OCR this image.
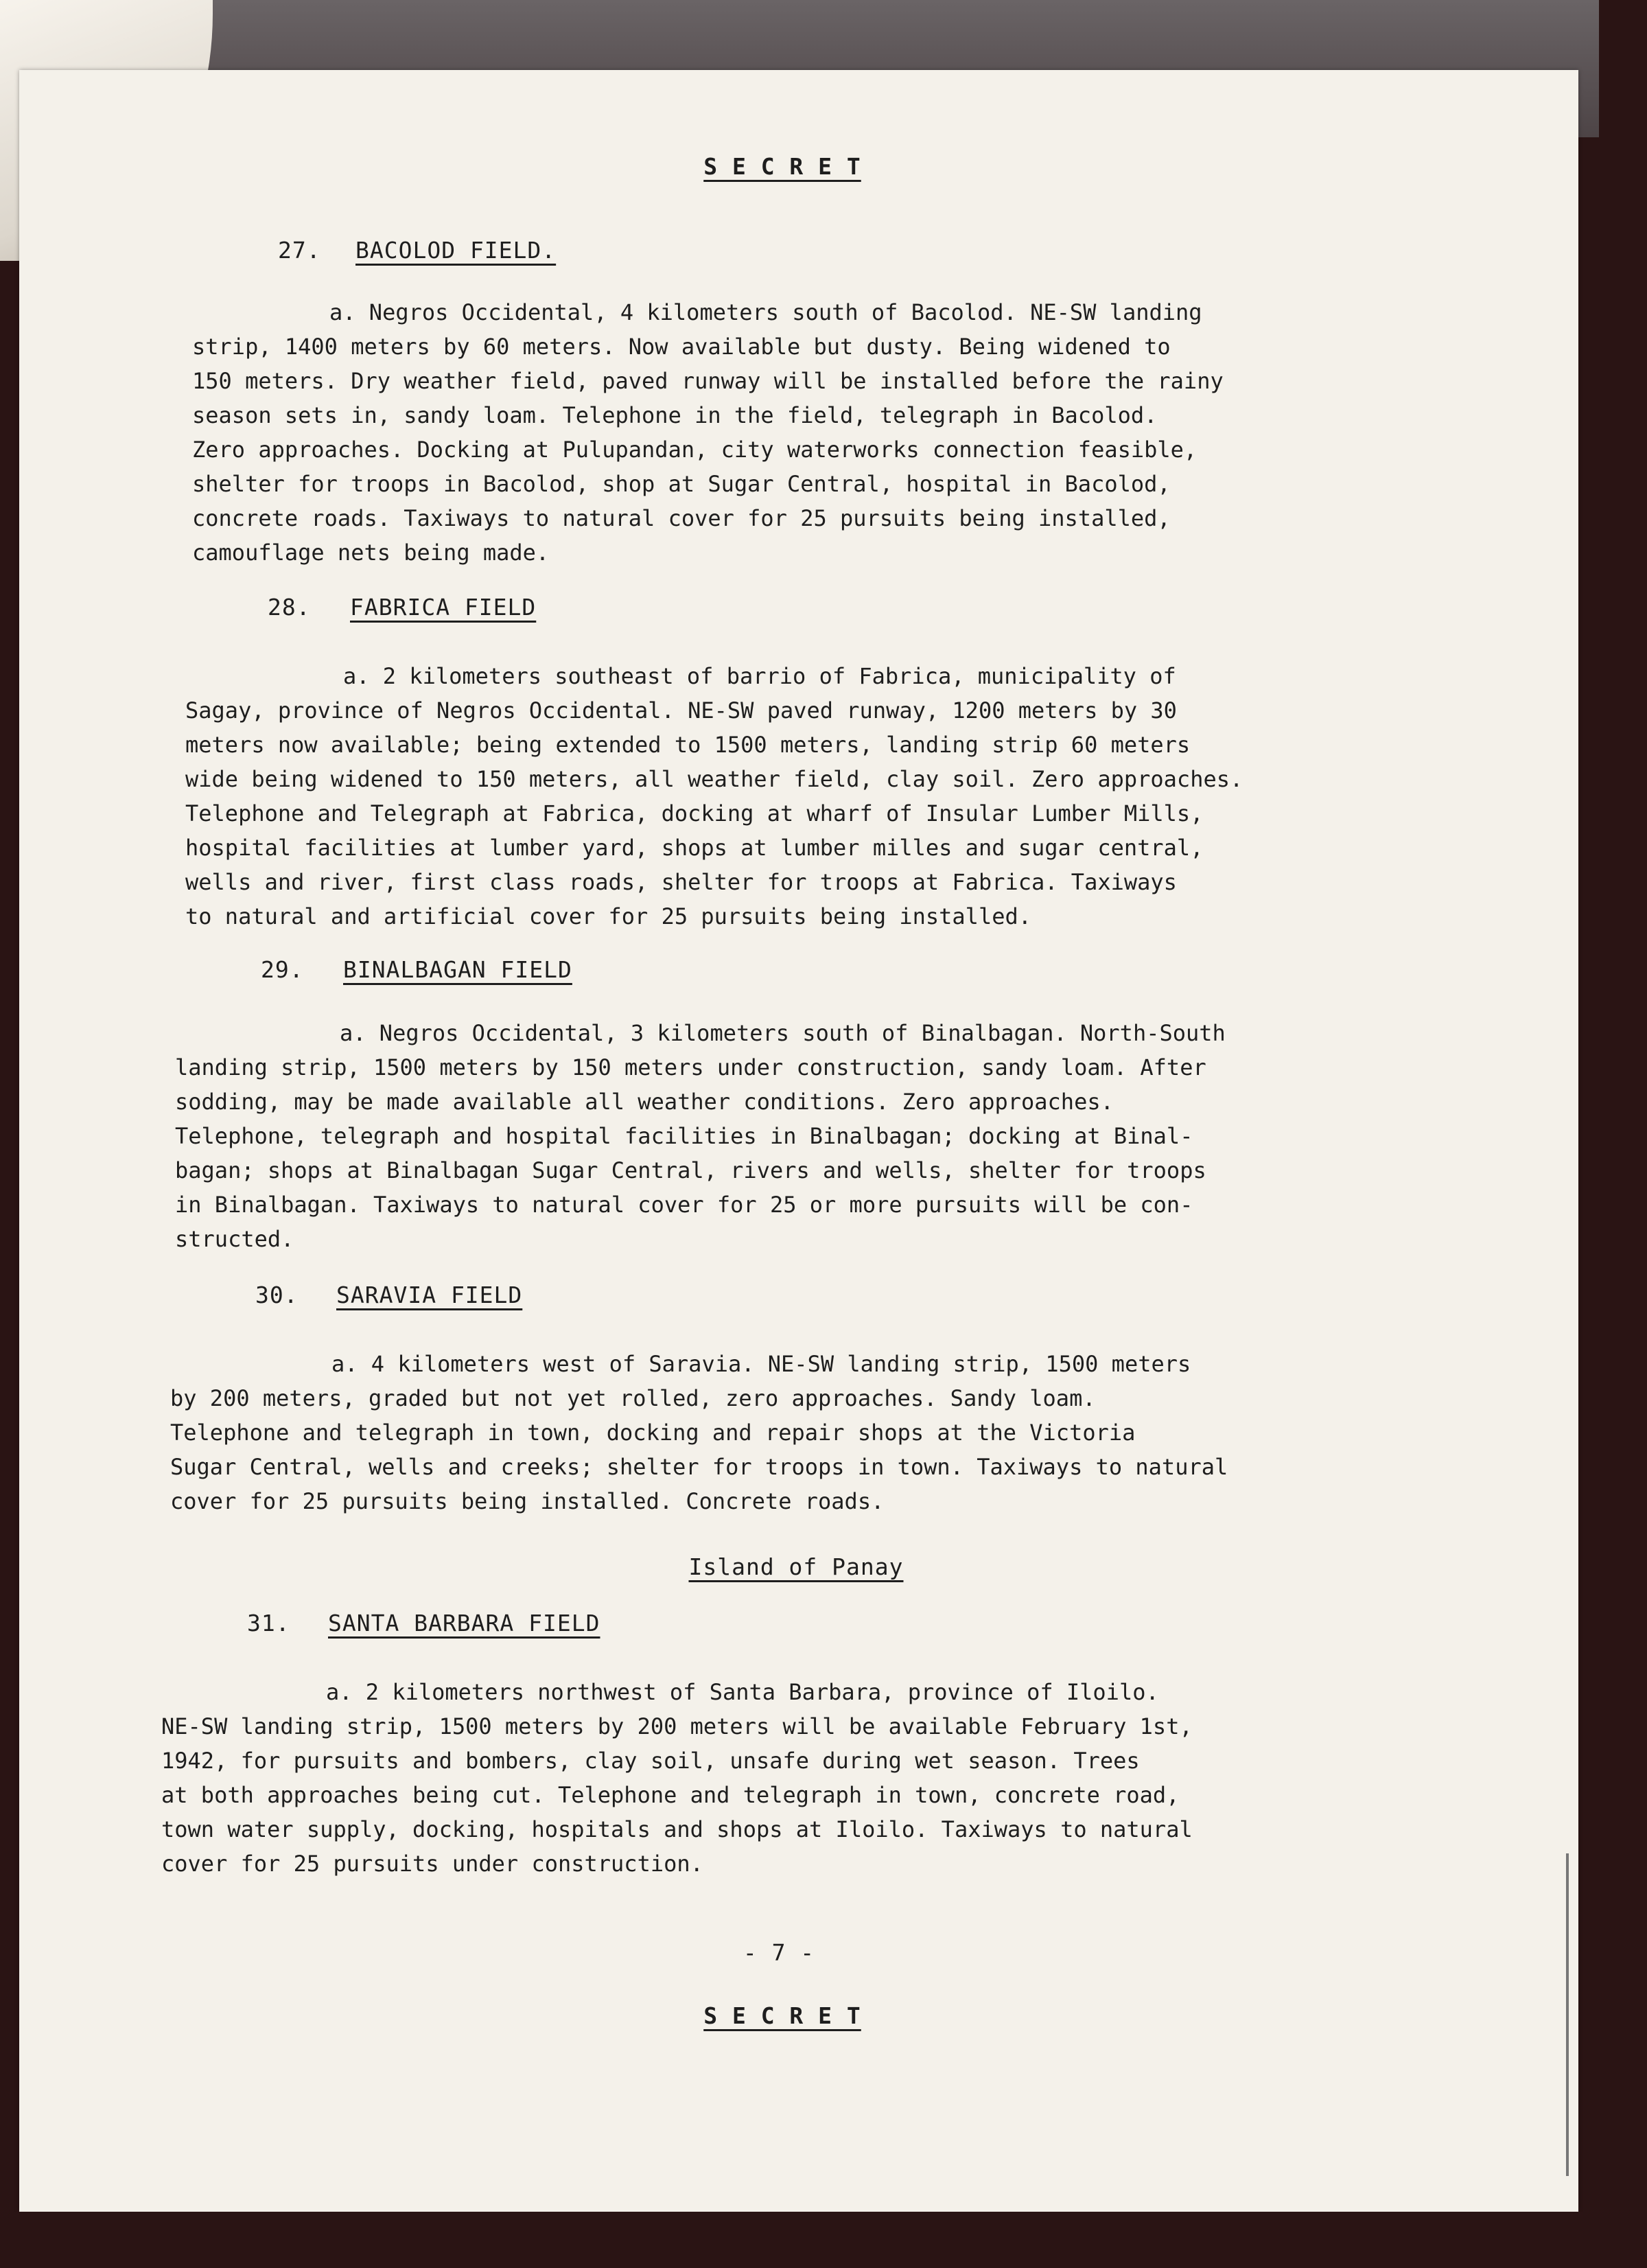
S E C R E T
27. BACOLOD FIELD.
a. Negros Occidental, 4 kilometers south of Bacolod. NE-SW landing
strip, 1400 meters by 60 meters. Now available but dusty. Being widened to
150 meters. Dry weather field, paved runway will be installed before the rainy
season sets in, sandy loam. Telephone in the field, telegraph in Bacolod.
Zero approaches. Docking at Pulupandan, city waterworks connection feasible,
shelter for troops in Bacolod, shop at Sugar Central, hospital in Bacolod,
concrete roads. Taxiways to natural cover for 25 pursuits being installed,
camouflage nets being made.
28. FABRICA FIELD
a. 2 kilometers southeast of barrio of Fabrica, municipality of
Sagay, province of Negros Occidental. NE-SW paved runway, 1200 meters by 30
meters now available; being extended to 1500 meters, landing strip 60 meters
wide being widened to 150 meters, all weather field, clay soil. Zero approaches.
Telephone and Telegraph at Fabrica, docking at wharf of Insular Lumber Mills,
hospital facilities at lumber yard, shops at lumber milles and sugar central,
wells and river, first class roads, shelter for troops at Fabrica. Taxiways
to natural and artificial cover for 25 pursuits being installed.
29. BINALBAGAN FIELD
a. Negros Occidental, 3 kilometers south of Binalbagan. North-South
landing strip, 1500 meters by 150 meters under construction, sandy loam. After
sodding, may be made available all weather conditions. Zero approaches.
Telephone, telegraph and hospital facilities in Binalbagan; docking at Binal-
bagan; shops at Binalbagan Sugar Central, rivers and wells, shelter for troops
in Binalbagan. Taxiways to natural cover for 25 or more pursuits will be con-
structed.
30. SARAVIA FIELD
a. 4 kilometers west of Saravia. NE-SW landing strip, 1500 meters
by 200 meters, graded but not yet rolled, zero approaches. Sandy loam.
Telephone and telegraph in town, docking and repair shops at the Victoria
Sugar Central, wells and creeks; shelter for troops in town. Taxiways to natural
cover for 25 pursuits being installed. Concrete roads.
Island of Panay
31. SANTA BARBARA FIELD
a. 2 kilometers northwest of Santa Barbara, province of Iloilo.
NE-SW landing strip, 1500 meters by 200 meters will be available February 1st,
1942, for pursuits and bombers, clay soil, unsafe during wet season. Trees
at both approaches being cut. Telephone and telegraph in town, concrete road,
town water supply, docking, hospitals and shops at Iloilo. Taxiways to natural
cover for 25 pursuits under construction.
- 7 -
S E C R E T
